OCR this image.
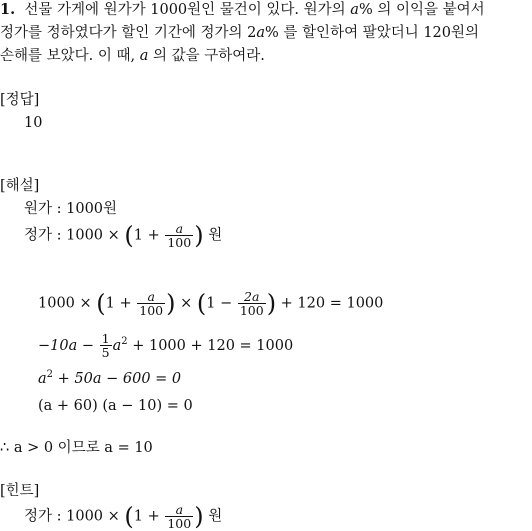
1. 선물 가게에 원가가 1000원인 물건이 있다. 원가의 a% 의 이익을 붙여서
정가를 정하였다가 할인 기간에 정가의 2a% 를 할인하여 팔았더니 120원의
손해를 보았다. 이 때, a 의 값을 구하여라.
[정답]
10
[해설]
원가 : 1000원
정가 : $1000 \times (1 + \frac{a}{100}$ ) 원
$1000 \times (1 + \frac{a}{100}$ ) × ($1 - \frac{2a}{100}$ ) + 120 = 1000
$-10a - \frac{1}{5} a^2 + 1000 + 120 = 1000$
$a^2 + 50a - 600 = 0$
(a + 60) (a − 10) = 0
∴ a > 0 이므로 a = 10
[힌트]
정가 : $1000 \times (1 + \frac{a}{100}$ ) 원
